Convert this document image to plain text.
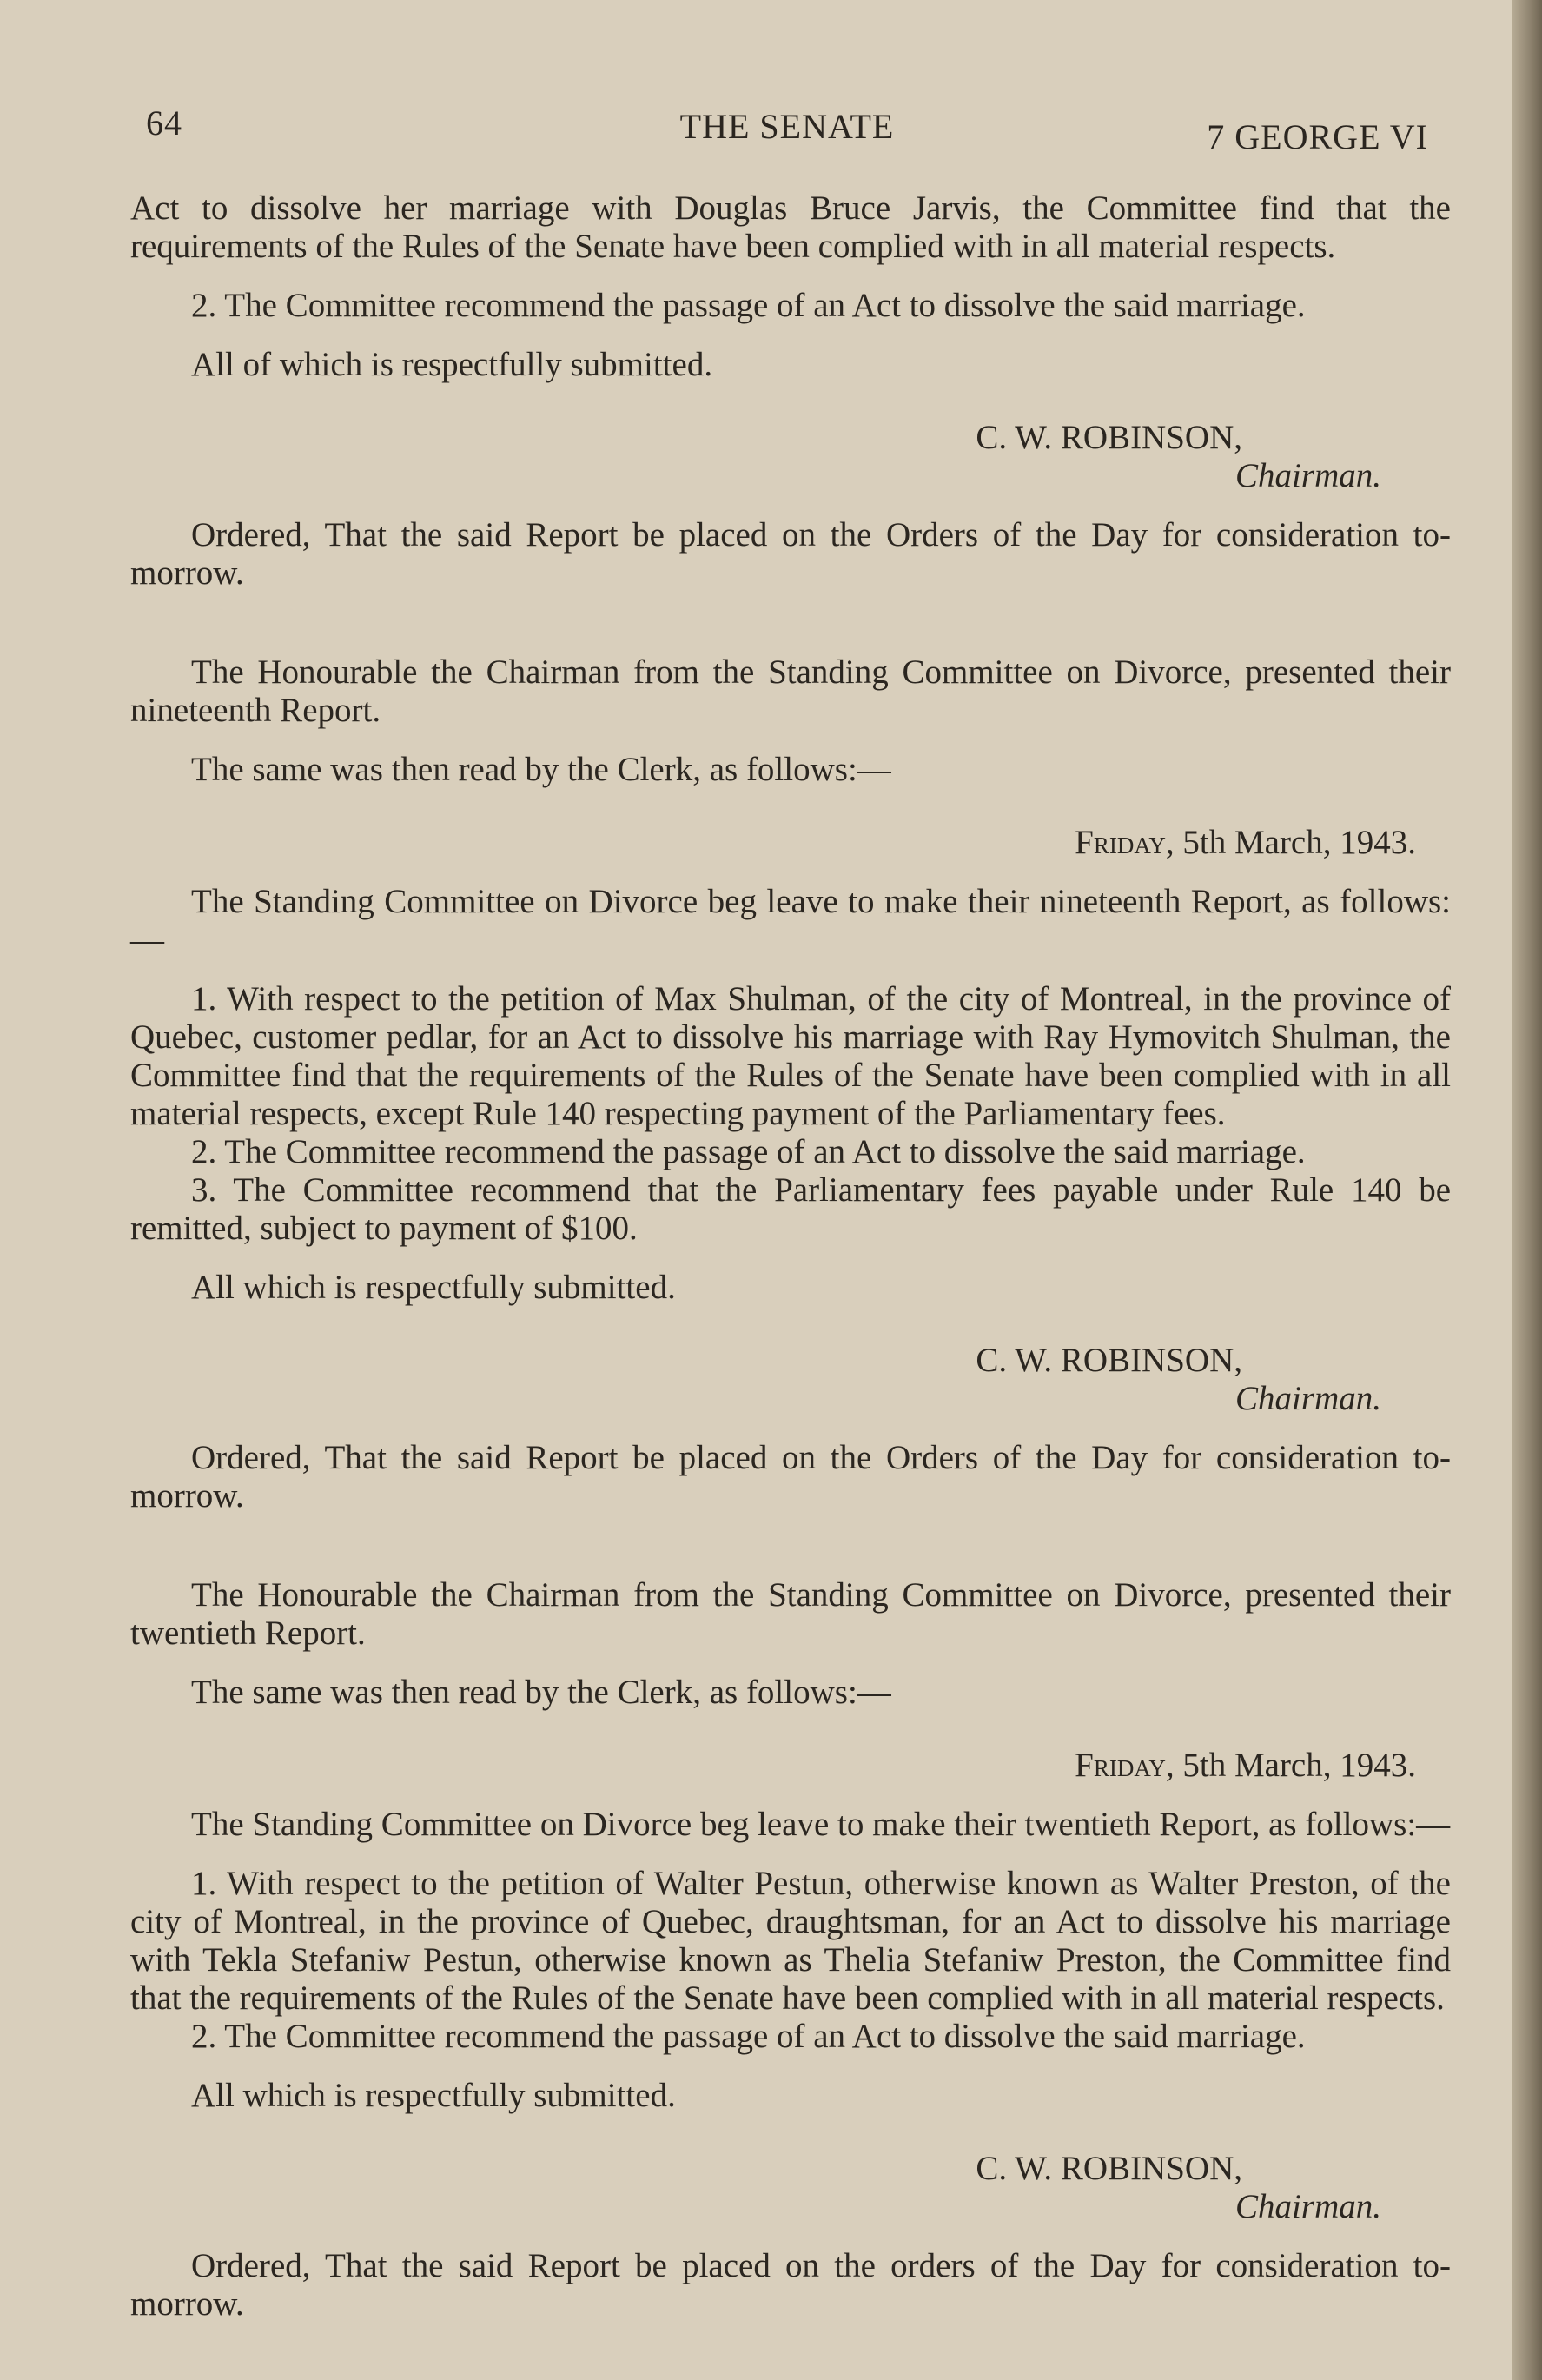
64	THE SENATE	7 GEORGE VI

Act to dissolve her marriage with Douglas Bruce Jarvis, the Committee find that the requirements of the Rules of the Senate have been complied with in all material respects.

2. The Committee recommend the passage of an Act to dissolve the said marriage.

All of which is respectfully submitted.

C. W. ROBINSON,

Chairman.

Ordered, That the said Report be placed on the Orders of the Day for consideration to-morrow.

The Honourable the Chairman from the Standing Committee on Divorce, presented their nineteenth Report.

The same was then read by the Clerk, as follows:—

Friday, 5th March, 1943.

The Standing Committee on Divorce beg leave to make their nineteenth Report, as follows:—

1. With respect to the petition of Max Shulman, of the city of Montreal, in the province of Quebec, customer pedlar, for an Act to dissolve his marriage with Ray Hymovitch Shulman, the Committee find that the requirements of the Rules of the Senate have been complied with in all material respects, except Rule 140 respecting payment of the Parliamentary fees.

2. The Committee recommend the passage of an Act to dissolve the said marriage.

3. The Committee recommend that the Parliamentary fees payable under Rule 140 be remitted, subject to payment of $100.

All which is respectfully submitted.

C. W. ROBINSON,

Chairman.

Ordered, That the said Report be placed on the Orders of the Day for consideration to-morrow.

The Honourable the Chairman from the Standing Committee on Divorce, presented their twentieth Report.

The same was then read by the Clerk, as follows:—

Friday, 5th March, 1943.

The Standing Committee on Divorce beg leave to make their twentieth Report, as follows:—

1. With respect to the petition of Walter Pestun, otherwise known as Walter Preston, of the city of Montreal, in the province of Quebec, draughtsman, for an Act to dissolve his marriage with Tekla Stefaniw Pestun, otherwise known as Thelia Stefaniw Preston, the Committee find that the requirements of the Rules of the Senate have been complied with in all material respects.

2. The Committee recommend the passage of an Act to dissolve the said marriage.

All which is respectfully submitted.

C. W. ROBINSON,

Chairman.

Ordered, That the said Report be placed on the orders of the Day for consideration to-morrow.
